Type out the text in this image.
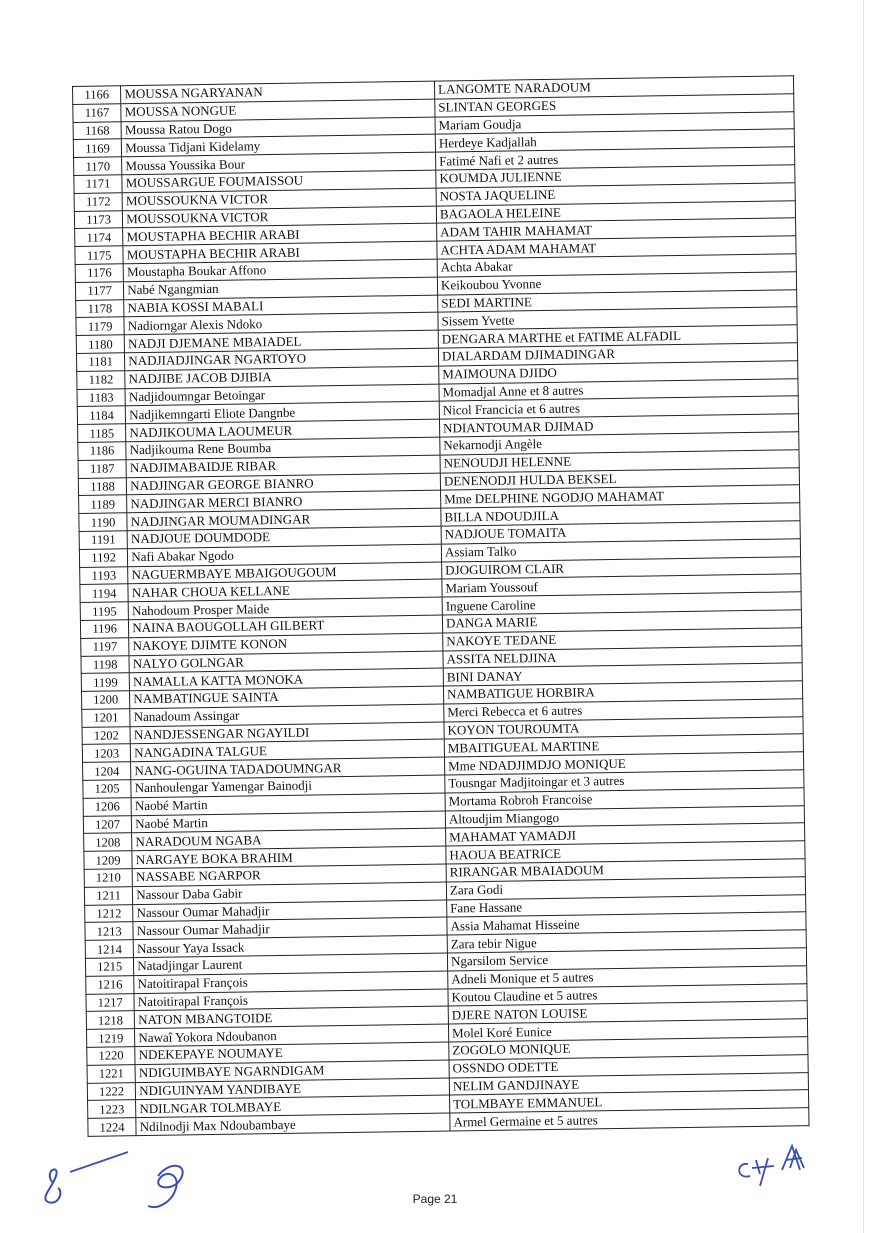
1166	MOUSSA NGARYANAN	LANGOMTE NARADOUM
1167	MOUSSA NONGUE	SLINTAN GEORGES
1168	Moussa Ratou Dogo	Mariam Goudja
1169	Moussa Tidjani Kidelamy	Herdeye Kadjallah
1170	Moussa Youssika Bour	Fatimé Nafi et 2 autres
1171	MOUSSARGUE FOUMAISSOU	KOUMDA JULIENNE
1172	MOUSSOUKNA VICTOR	NOSTA JAQUELINE
1173	MOUSSOUKNA VICTOR	BAGAOLA HELEINE
1174	MOUSTAPHA BECHIR ARABI	ADAM TAHIR MAHAMAT
1175	MOUSTAPHA BECHIR ARABI	ACHTA ADAM MAHAMAT
1176	Moustapha Boukar Affono	Achta Abakar
1177	Nabé Ngangmian	Keikoubou Yvonne
1178	NABIA KOSSI MABALI	SEDI MARTINE
1179	Nadiorngar Alexis Ndoko	Sissem Yvette
1180	NADJI DJEMANE MBAIADEL	DENGARA MARTHE et FATIME ALFADIL
1181	NADJIADJINGAR NGARTOYO	DIALARDAM DJIMADINGAR
1182	NADJIBE JACOB DJIBIA	MAIMOUNA DJIDO
1183	Nadjidoumngar Betoingar	Momadjal Anne et 8 autres
1184	Nadjikemngarti Eliote Dangnbe	Nicol Francicia et 6 autres
1185	NADJIKOUMA LAOUMEUR	NDIANTOUMAR DJIMAD
1186	Nadjikouma Rene Boumba	Nekarnodji Angèle
1187	NADJIMABAIDJE RIBAR	NENOUDJI HELENNE
1188	NADJINGAR GEORGE BIANRO	DENENODJI HULDA BEKSEL
1189	NADJINGAR MERCI BIANRO	Mme DELPHINE NGODJO MAHAMAT
1190	NADJINGAR MOUMADINGAR	BILLA NDOUDJILA
1191	NADJOUE DOUMDODE	NADJOUE TOMAITA
1192	Nafi Abakar Ngodo	Assiam Talko
1193	NAGUERMBAYE MBAIGOUGOUM	DJOGUIROM CLAIR
1194	NAHAR CHOUA KELLANE	Mariam Youssouf
1195	Nahodoum Prosper Maide	Inguene Caroline
1196	NAINA BAOUGOLLAH GILBERT	DANGA MARIE
1197	NAKOYE DJIMTE KONON	NAKOYE TEDANE
1198	NALYO GOLNGAR	ASSITA NELDJINA
1199	NAMALLA KATTA MONOKA	BINI DANAY
1200	NAMBATINGUE SAINTA	NAMBATIGUE HORBIRA
1201	Nanadoum Assingar	Merci Rebecca et 6 autres
1202	NANDJESSENGAR NGAYILDI	KOYON TOUROUMTA
1203	NANGADINA TALGUE	MBAITIGUEAL MARTINE
1204	NANG-OGUINA TADADOUMNGAR	Mme NDADJIMDJO MONIQUE
1205	Nanhoulengar Yamengar Bainodji	Tousngar Madjitoingar et 3 autres
1206	Naobé Martin	Mortama Robroh Francoise
1207	Naobé Martin	Altoudjim Miangogo
1208	NARADOUM NGABA	MAHAMAT YAMADJI
1209	NARGAYE BOKA BRAHIM	HAOUA BEATRICE
1210	NASSABE NGARPOR	RIRANGAR MBAIADOUM
1211	Nassour Daba Gabir	Zara Godi
1212	Nassour Oumar Mahadjir	Fane Hassane
1213	Nassour Oumar Mahadjir	Assia Mahamat Hisseine
1214	Nassour Yaya Issack	Zara tebir Nigue
1215	Natadjingar Laurent	Ngarsilom Service
1216	Natoitirapal François	Adneli Monique et 5 autres
1217	Natoitirapal François	Koutou Claudine et 5 autres
1218	NATON MBANGTOIDE	DJERE NATON LOUISE
1219	Nawaî Yokora Ndoubanon	Molel Koré Eunice
1220	NDEKEPAYE NOUMAYE	ZOGOLO MONIQUE
1221	NDIGUIMBAYE NGARNDIGAM	OSSNDO ODETTE
1222	NDIGUINYAM YANDIBAYE	NELIM GANDJINAYE
1223	NDILNGAR TOLMBAYE	TOLMBAYE EMMANUEL
1224	Ndilnodji Max Ndoubambaye	Armel Germaine et 5 autres
Page 21
